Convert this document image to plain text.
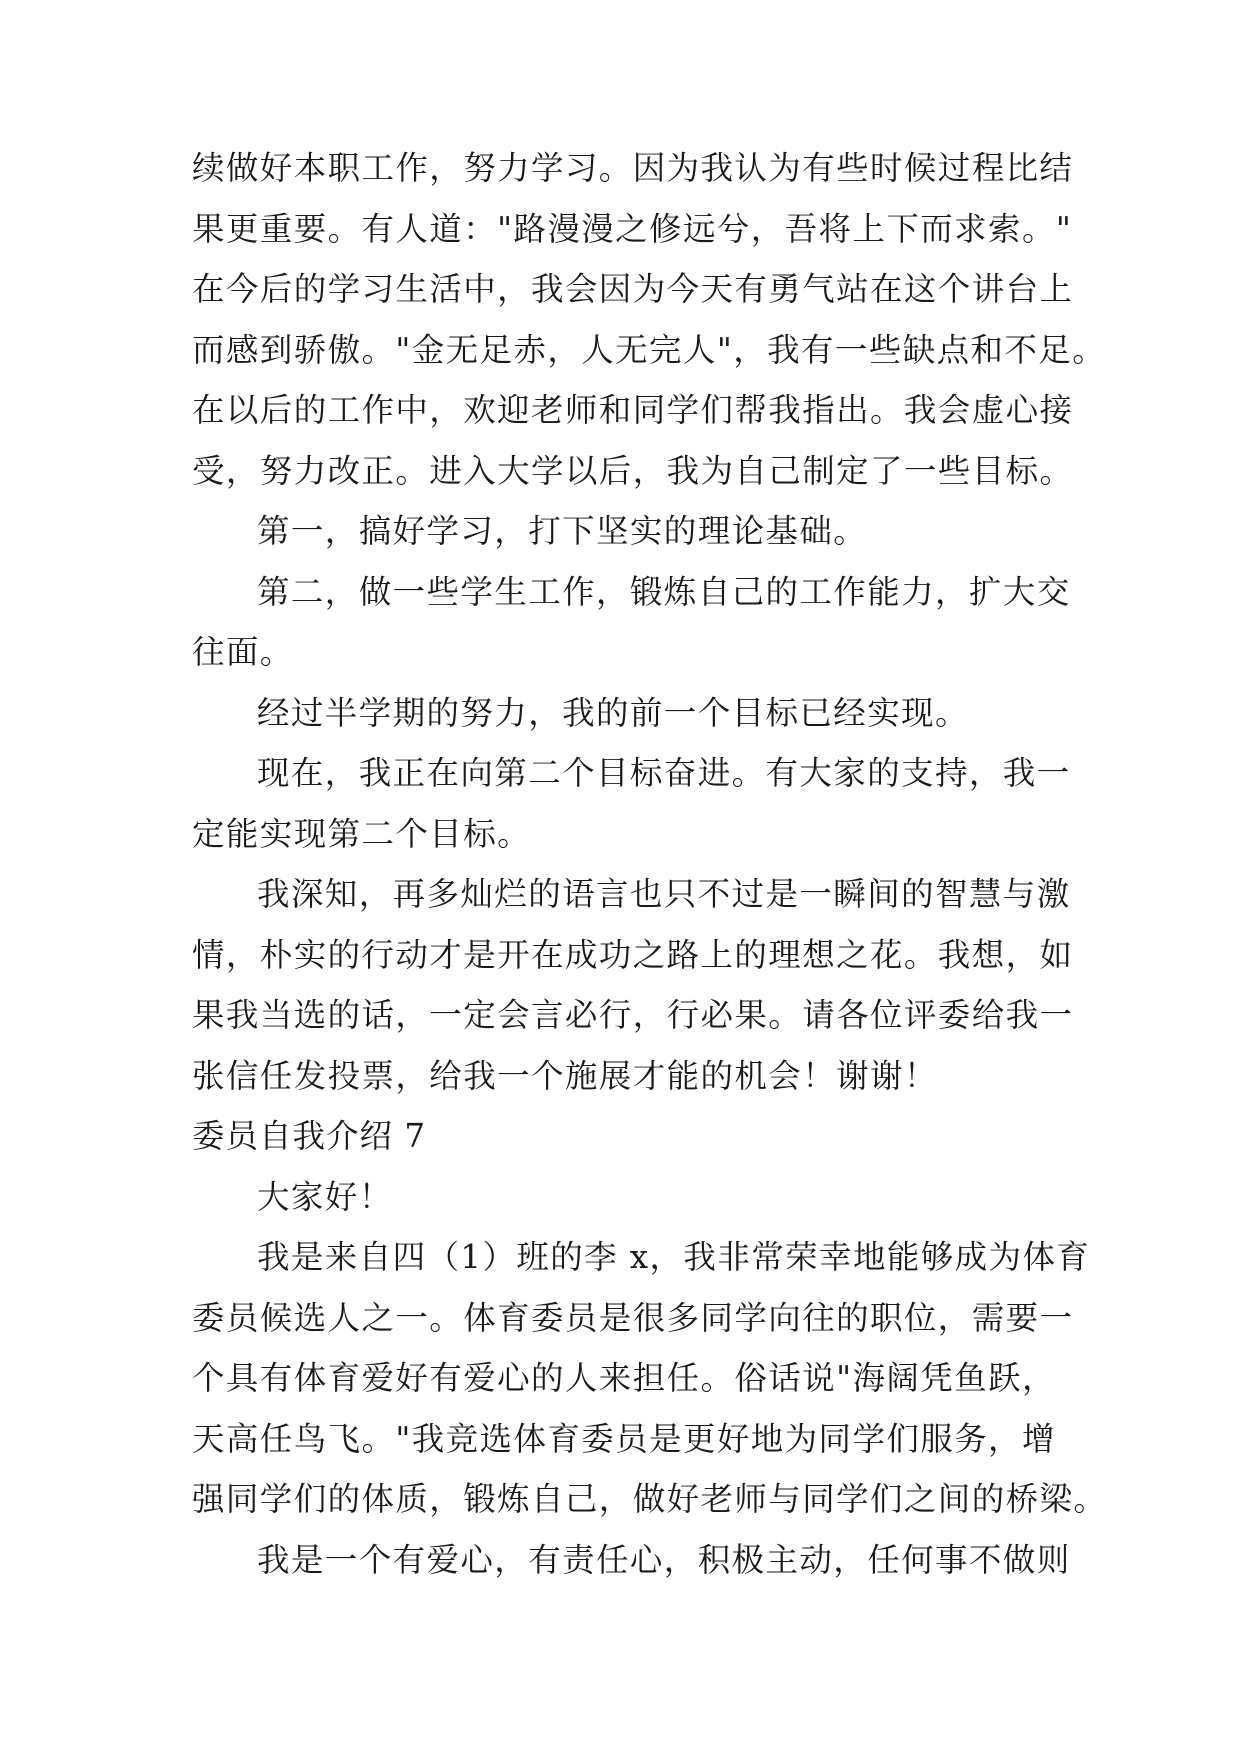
续做好本职工作，努力学习。因为我认为有些时候过程比结
果更重要。有人道："路漫漫之修远兮，吾将上下而求索。"
在今后的学习生活中，我会因为今天有勇气站在这个讲台上
而感到骄傲。"金无足赤，人无完人"，我有一些缺点和不足。
在以后的工作中，欢迎老师和同学们帮我指出。我会虚心接
受，努力改正。进入大学以后，我为自己制定了一些目标。
第一，搞好学习，打下坚实的理论基础。
第二，做一些学生工作，锻炼自己的工作能力，扩大交
往面。
经过半学期的努力，我的前一个目标已经实现。
现在，我正在向第二个目标奋进。有大家的支持，我一
定能实现第二个目标。
我深知，再多灿烂的语言也只不过是一瞬间的智慧与激
情，朴实的行动才是开在成功之路上的理想之花。我想，如
果我当选的话，一定会言必行，行必果。请各位评委给我一
张信任发投票，给我一个施展才能的机会！谢谢！
委员自我介绍 7
大家好！
我是来自四（1）班的李 x，我非常荣幸地能够成为体育
委员候选人之一。体育委员是很多同学向往的职位，需要一
个具有体育爱好有爱心的人来担任。俗话说"海阔凭鱼跃，
天高任鸟飞。"我竞选体育委员是更好地为同学们服务，增
强同学们的体质，锻炼自己，做好老师与同学们之间的桥梁。
我是一个有爱心，有责任心，积极主动，任何事不做则
